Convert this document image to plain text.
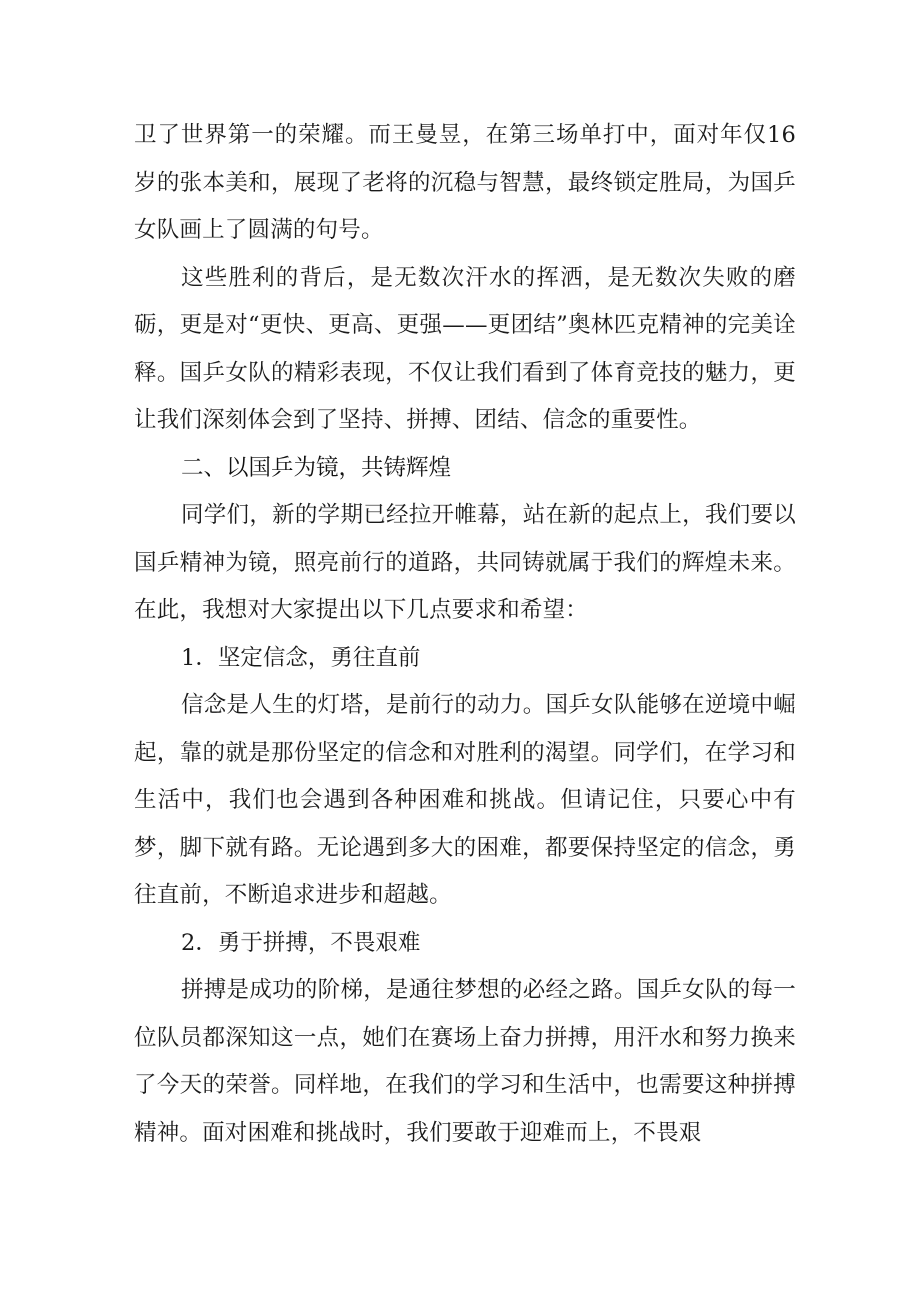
卫了世界第一的荣耀。而王曼昱，在第三场单打中，面对年仅16岁的张本美和，展现了老将的沉稳与智慧，最终锁定胜局，为国乒女队画上了圆满的句号。

这些胜利的背后，是无数次汗水的挥洒，是无数次失败的磨砺，更是对“更快、更高、更强——更团结”奥林匹克精神的完美诠释。国乒女队的精彩表现，不仅让我们看到了体育竞技的魅力，更让我们深刻体会到了坚持、拼搏、团结、信念的重要性。

二、以国乒为镜，共铸辉煌

同学们，新的学期已经拉开帷幕，站在新的起点上，我们要以国乒精神为镜，照亮前行的道路，共同铸就属于我们的辉煌未来。在此，我想对大家提出以下几点要求和希望：

1．坚定信念，勇往直前

信念是人生的灯塔，是前行的动力。国乒女队能够在逆境中崛起，靠的就是那份坚定的信念和对胜利的渴望。同学们，在学习和生活中，我们也会遇到各种困难和挑战。但请记住，只要心中有梦，脚下就有路。无论遇到多大的困难，都要保持坚定的信念，勇往直前，不断追求进步和超越。

2．勇于拼搏，不畏艰难

拼搏是成功的阶梯，是通往梦想的必经之路。国乒女队的每一位队员都深知这一点，她们在赛场上奋力拼搏，用汗水和努力换来了今天的荣誉。同样地，在我们的学习和生活中，也需要这种拼搏精神。面对困难和挑战时，我们要敢于迎难而上，不畏艰
